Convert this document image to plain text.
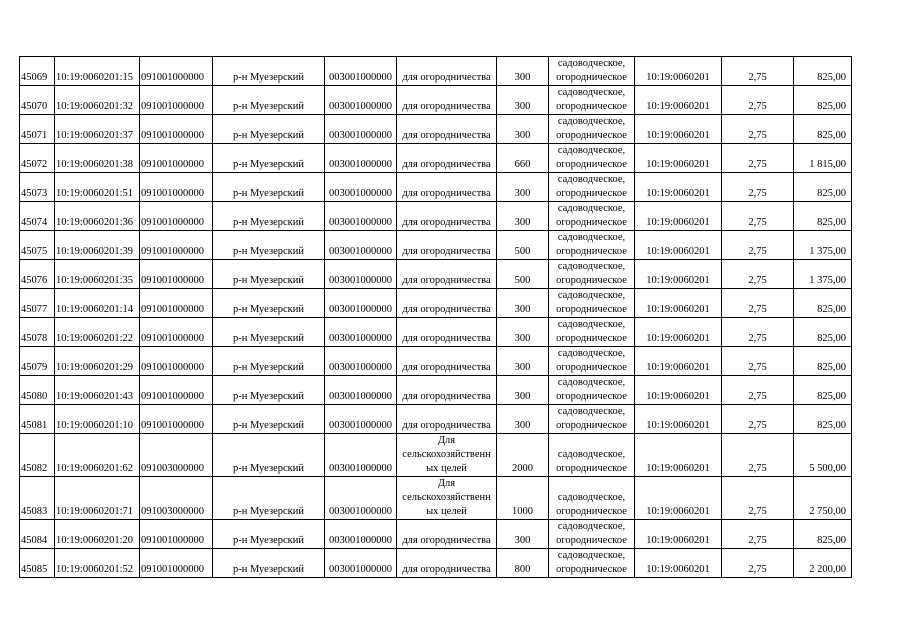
45069	10:19:0060201:15	091001000000	р-н Муезерский	003001000000	для огородничества	300	садоводческое, огородническое	10:19:0060201	2,75	825,00
45070	10:19:0060201:32	091001000000	р-н Муезерский	003001000000	для огородничества	300	садоводческое, огородническое	10:19:0060201	2,75	825,00
45071	10:19:0060201:37	091001000000	р-н Муезерский	003001000000	для огородничества	300	садоводческое, огородническое	10:19:0060201	2,75	825,00
45072	10:19:0060201:38	091001000000	р-н Муезерский	003001000000	для огородничества	660	садоводческое, огородническое	10:19:0060201	2,75	1 815,00
45073	10:19:0060201:51	091001000000	р-н Муезерский	003001000000	для огородничества	300	садоводческое, огородническое	10:19:0060201	2,75	825,00
45074	10:19:0060201:36	091001000000	р-н Муезерский	003001000000	для огородничества	300	садоводческое, огородническое	10:19:0060201	2,75	825,00
45075	10:19:0060201:39	091001000000	р-н Муезерский	003001000000	для огородничества	500	садоводческое, огородническое	10:19:0060201	2,75	1 375,00
45076	10:19:0060201:35	091001000000	р-н Муезерский	003001000000	для огородничества	500	садоводческое, огородническое	10:19:0060201	2,75	1 375,00
45077	10:19:0060201:14	091001000000	р-н Муезерский	003001000000	для огородничества	300	садоводческое, огородническое	10:19:0060201	2,75	825,00
45078	10:19:0060201:22	091001000000	р-н Муезерский	003001000000	для огородничества	300	садоводческое, огородническое	10:19:0060201	2,75	825,00
45079	10:19:0060201:29	091001000000	р-н Муезерский	003001000000	для огородничества	300	садоводческое, огородническое	10:19:0060201	2,75	825,00
45080	10:19:0060201:43	091001000000	р-н Муезерский	003001000000	для огородничества	300	садоводческое, огородническое	10:19:0060201	2,75	825,00
45081	10:19:0060201:10	091001000000	р-н Муезерский	003001000000	для огородничества	300	садоводческое, огородническое	10:19:0060201	2,75	825,00
45082	10:19:0060201:62	091003000000	р-н Муезерский	003001000000	Для сельскохозяйственн ых целей	2000	садоводческое, огородническое	10:19:0060201	2,75	5 500,00
45083	10:19:0060201:71	091003000000	р-н Муезерский	003001000000	Для сельскохозяйственн ых целей	1000	садоводческое, огородническое	10:19:0060201	2,75	2 750,00
45084	10:19:0060201:20	091001000000	р-н Муезерский	003001000000	для огородничества	300	садоводческое, огородническое	10:19:0060201	2,75	825,00
45085	10:19:0060201:52	091001000000	р-н Муезерский	003001000000	для огородничества	800	садоводческое, огородническое	10:19:0060201	2,75	2 200,00
